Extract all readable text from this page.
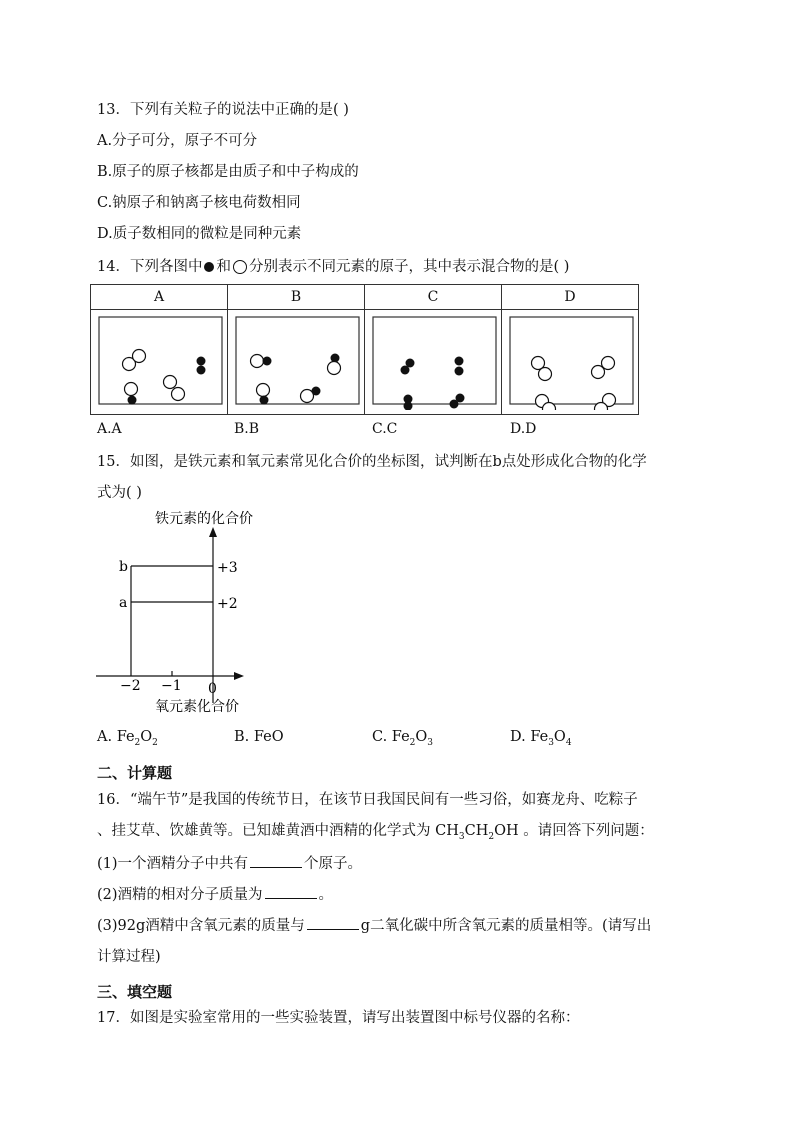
13．下列有关粒子的说法中正确的是( )
A.分子可分，原子不可分
B.原子的原子核都是由质子和中子构成的
C.钠原子和钠离子核电荷数相同
D.质子数相同的微粒是同种元素
14．下列各图中 和 分别表示不同元素的原子，其中表示混合物的是( )
A	B	C	D

A.A	B.B	C.C	D.D
15．如图，是铁元素和氧元素常见化合价的坐标图，试判断在b点处形成化合物的化学
式为( )
铁元素的化合价
b
a
+3
+2
−2 −1 0
氧元素化合价
A. $Fe_2O_2$	B. FeO	C. $Fe_2O_3$	D. $Fe_3O_4$
二、计算题
16．“端午节”是我国的传统节日，在该节日我国民间有一些习俗，如赛龙舟、吃粽子
、挂艾草、饮雄黄等。已知雄黄酒中酒精的化学式为 $CH_3CH_2OH$ 。请回答下列问题：
(1)一个酒精分子中共有	个原子。
(2)酒精的相对分子质量为	。
(3)92g酒精中含氧元素的质量与	g二氧化碳中所含氧元素的质量相等。(请写出
计算过程)
三、填空题
17．如图是实验室常用的一些实验装置，请写出装置图中标号仪器的名称：
